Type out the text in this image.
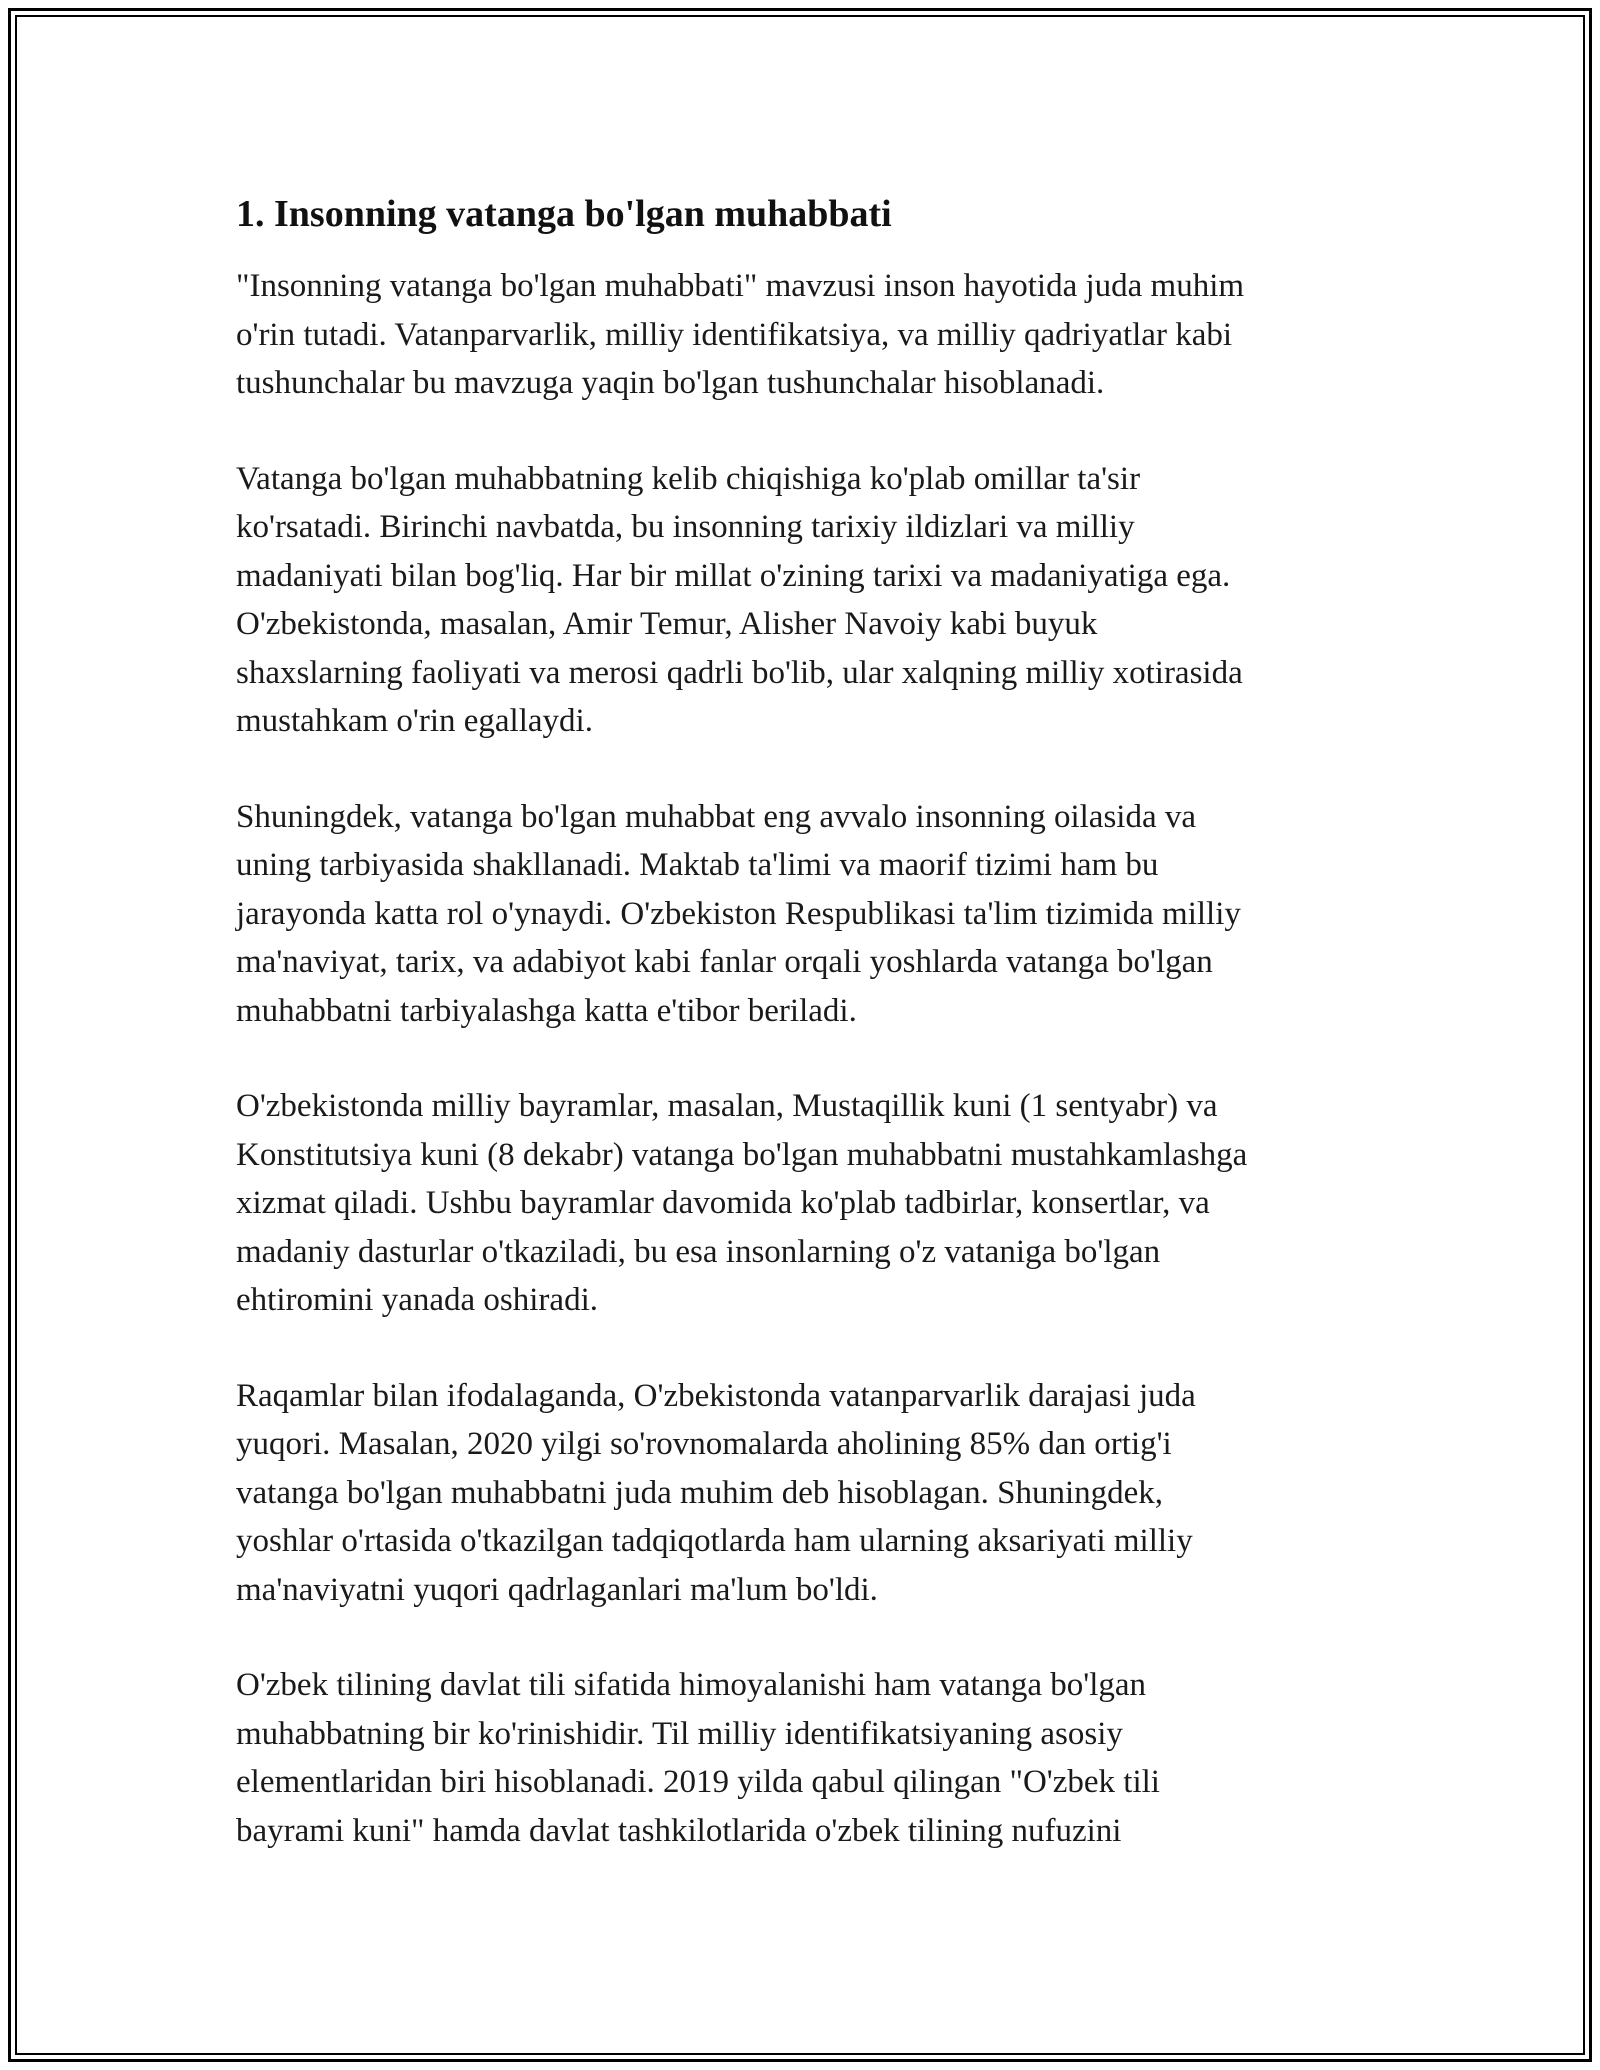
1. Insonning vatanga bo'lgan muhabbati

"Insonning vatanga bo'lgan muhabbati" mavzusi inson hayotida juda muhim
o'rin tutadi. Vatanparvarlik, milliy identifikatsiya, va milliy qadriyatlar kabi
tushunchalar bu mavzuga yaqin bo'lgan tushunchalar hisoblanadi.

Vatanga bo'lgan muhabbatning kelib chiqishiga ko'plab omillar ta'sir
ko'rsatadi. Birinchi navbatda, bu insonning tarixiy ildizlari va milliy
madaniyati bilan bog'liq. Har bir millat o'zining tarixi va madaniyatiga ega.
O'zbekistonda, masalan, Amir Temur, Alisher Navoiy kabi buyuk
shaxslarning faoliyati va merosi qadrli bo'lib, ular xalqning milliy xotirasida
mustahkam o'rin egallaydi.

Shuningdek, vatanga bo'lgan muhabbat eng avvalo insonning oilasida va
uning tarbiyasida shakllanadi. Maktab ta'limi va maorif tizimi ham bu
jarayonda katta rol o'ynaydi. O'zbekiston Respublikasi ta'lim tizimida milliy
ma'naviyat, tarix, va adabiyot kabi fanlar orqali yoshlarda vatanga bo'lgan
muhabbatni tarbiyalashga katta e'tibor beriladi.

O'zbekistonda milliy bayramlar, masalan, Mustaqillik kuni (1 sentyabr) va
Konstitutsiya kuni (8 dekabr) vatanga bo'lgan muhabbatni mustahkamlashga
xizmat qiladi. Ushbu bayramlar davomida ko'plab tadbirlar, konsertlar, va
madaniy dasturlar o'tkaziladi, bu esa insonlarning o'z vataniga bo'lgan
ehtiromini yanada oshiradi.

Raqamlar bilan ifodalaganda, O'zbekistonda vatanparvarlik darajasi juda
yuqori. Masalan, 2020 yilgi so'rovnomalarda aholining 85% dan ortig'i
vatanga bo'lgan muhabbatni juda muhim deb hisoblagan. Shuningdek,
yoshlar o'rtasida o'tkazilgan tadqiqotlarda ham ularning aksariyati milliy
ma'naviyatni yuqori qadrlaganlari ma'lum bo'ldi.

O'zbek tilining davlat tili sifatida himoyalanishi ham vatanga bo'lgan
muhabbatning bir ko'rinishidir. Til milliy identifikatsiyaning asosiy
elementlaridan biri hisoblanadi. 2019 yilda qabul qilingan "O'zbek tili
bayrami kuni" hamda davlat tashkilotlarida o'zbek tilining nufuzini
